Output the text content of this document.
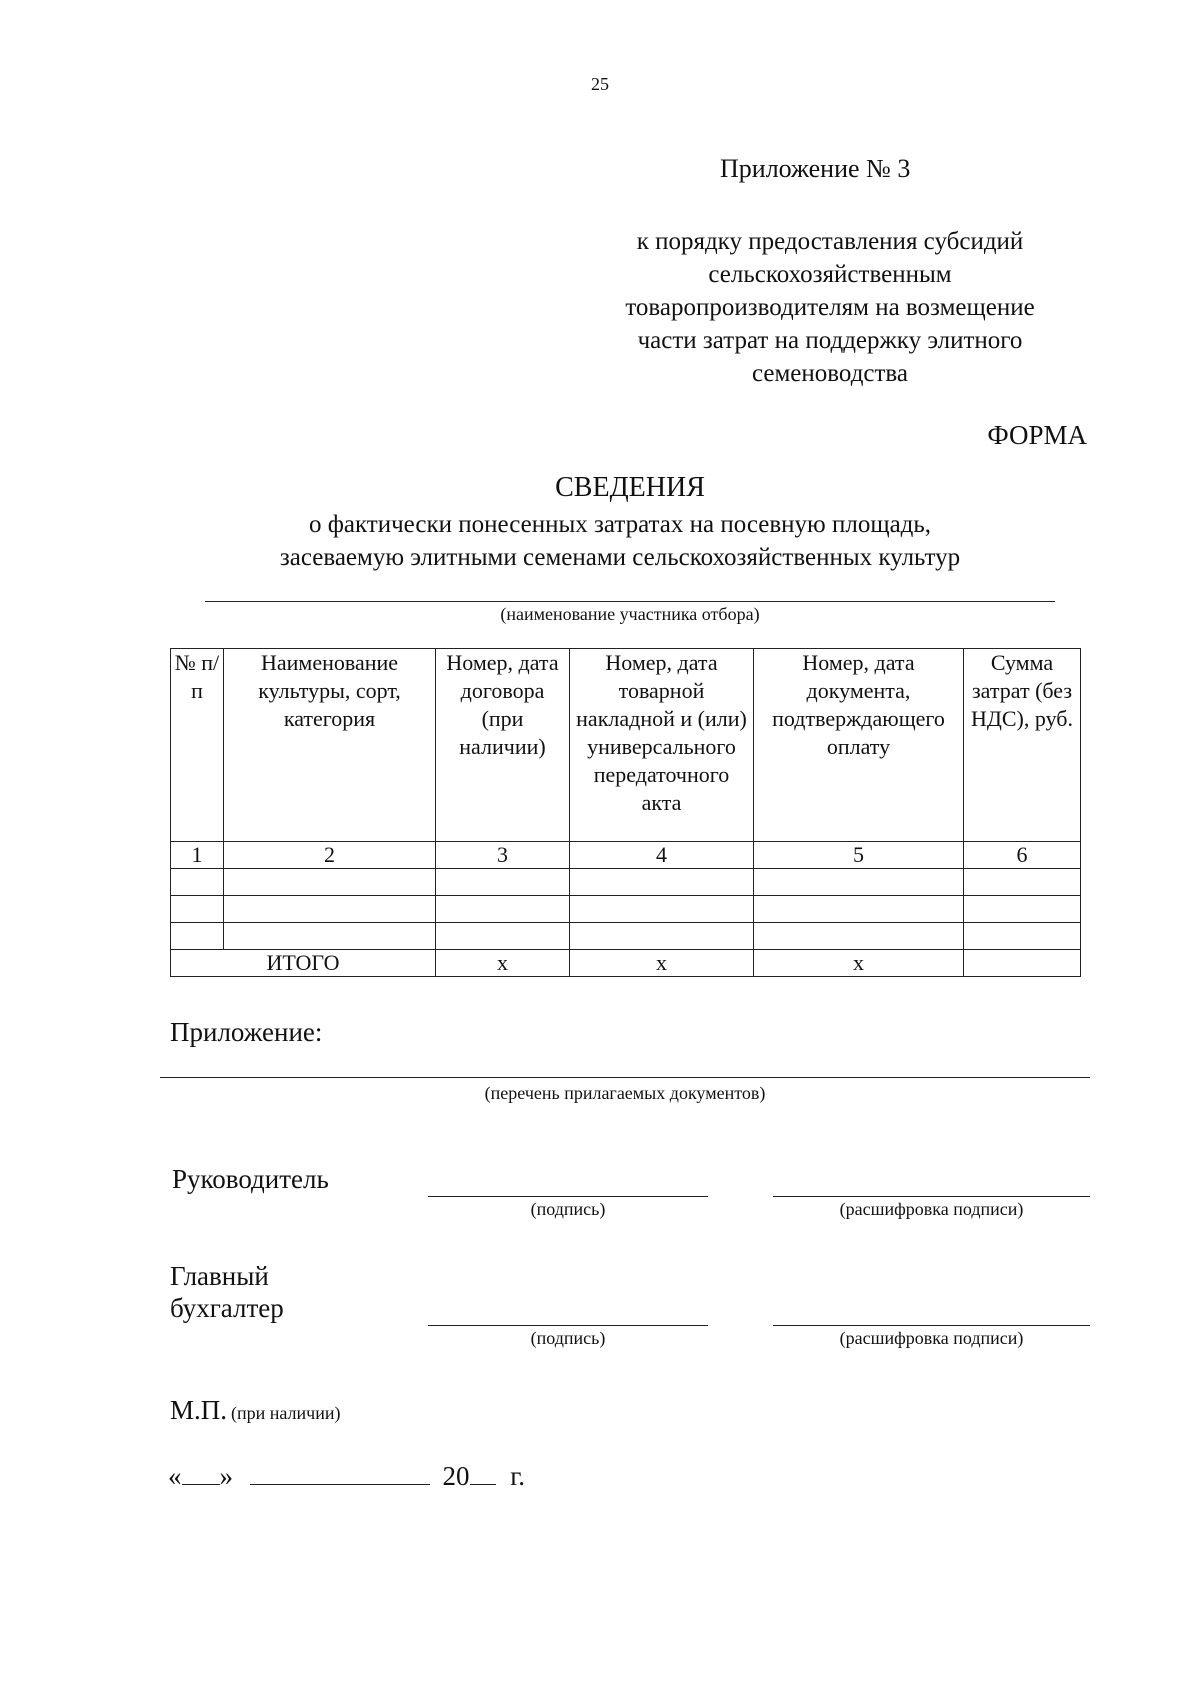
25
Приложение № 3
к порядку предоставления субсидий
сельскохозяйственным
товаропроизводителям на возмещение
части затрат на поддержку элитного
семеноводства
ФОРМА
СВЕДЕНИЯ
о фактически понесенных затратах на посевную площадь,
засеваемую элитными семенами сельскохозяйственных культур
(наименование участника отбора)
№ п/п	Наименование культуры, сорт, категория	Номер, дата договора (при наличии)	Номер, дата товарной накладной и (или) универсального передаточного акта	Номер, дата документа, подтверждающего оплату	Сумма затрат (без НДС), руб.
1	2	3	4	5	6

ИТОГО		х	х	х	
Приложение:
(перечень прилагаемых документов)
Руководитель
(подпись)	(расшифровка подписи)
Главный
бухгалтер
(подпись)	(расшифровка подписи)
М.П. (при наличии)
« »	20 г.
